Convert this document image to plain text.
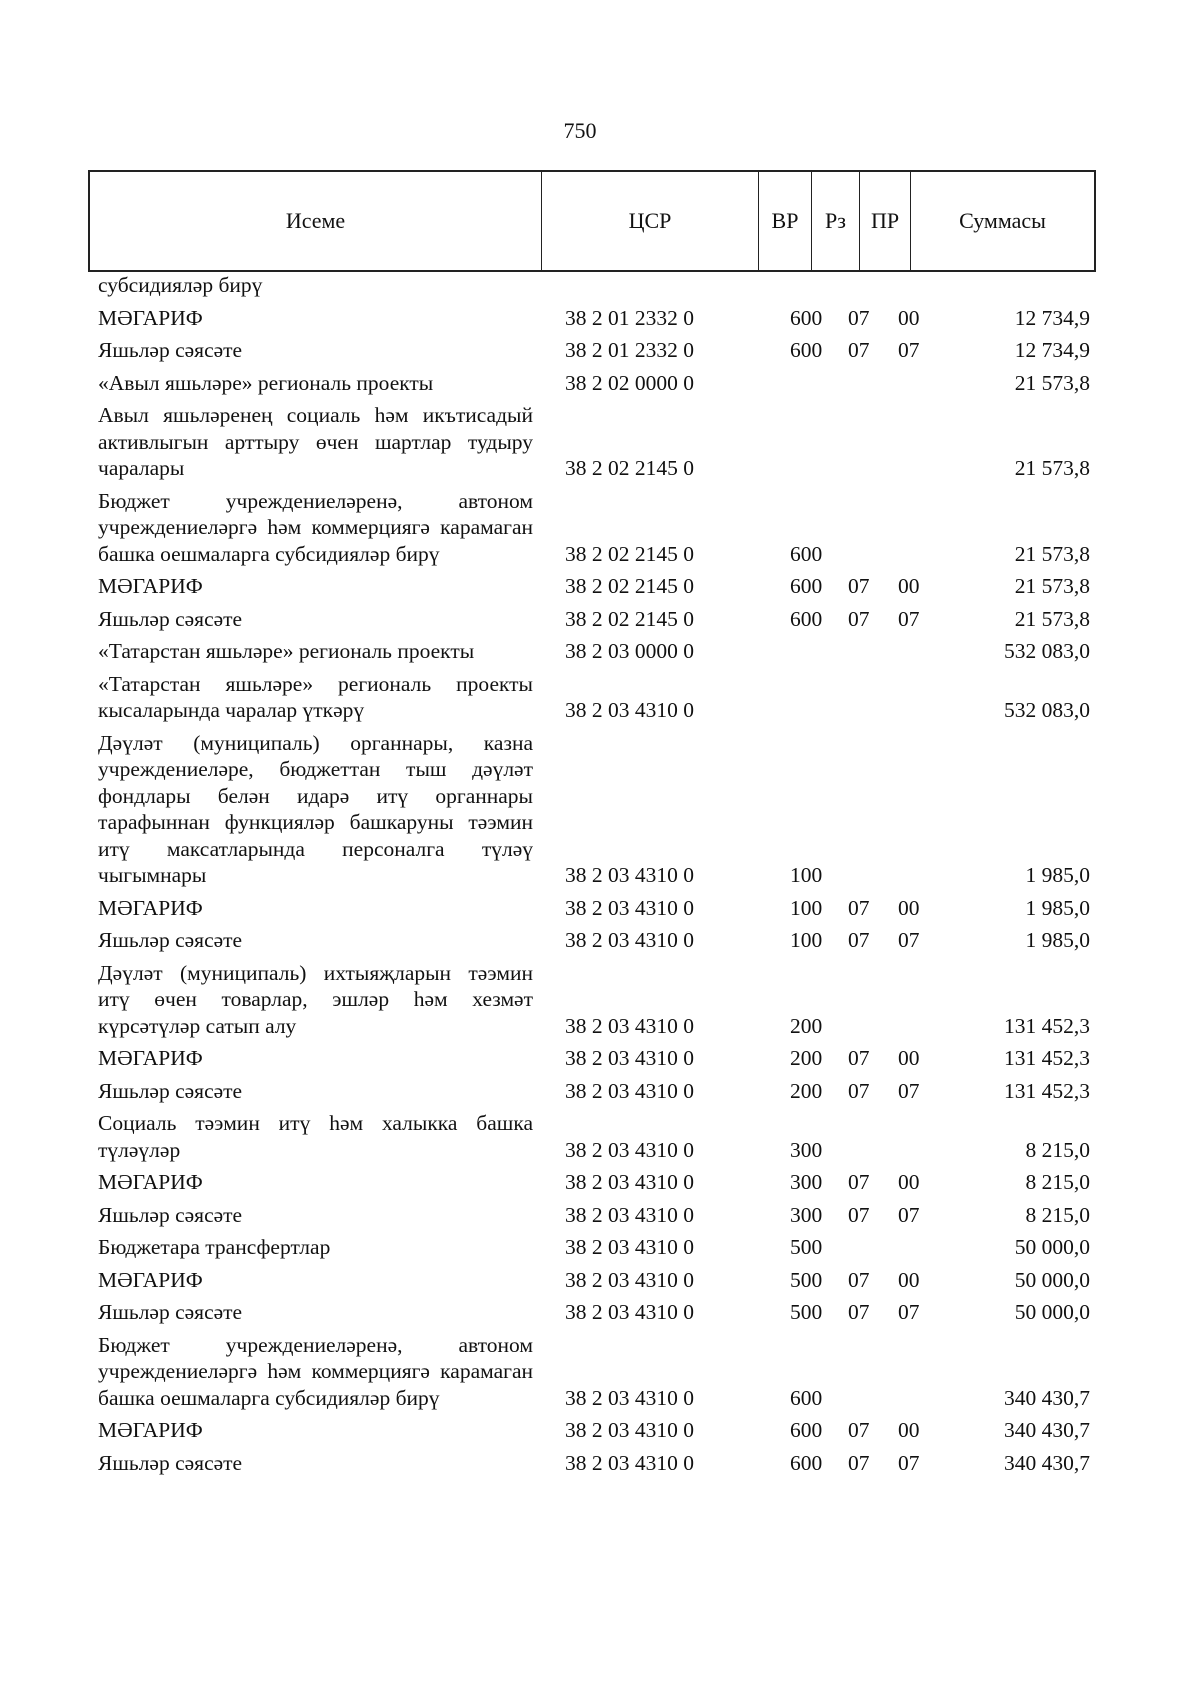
750
Исеме	ЦСР	ВР	Рз	ПР	Суммасы
субсидияләр бирү
МӘГАРИФ	38 2 01 2332 0	600	07	00	12 734,9
Яшьләр сәясәте	38 2 01 2332 0	600	07	07	12 734,9
«Авыл яшьләре» региональ проекты	38 2 02 0000 0	21 573,8
Авыл яшьләренең социаль һәм икътисадый активлыгын арттыру өчен шартлар тудыру чаралары	38 2 02 2145 0	21 573,8
Бюджет учреждениеләренә, автоном учреждениеләргә һәм коммерциягә карамаган башка оешмаларга субсидияләр бирү	38 2 02 2145 0	600	21 573,8
МӘГАРИФ	38 2 02 2145 0	600	07	00	21 573,8
Яшьләр сәясәте	38 2 02 2145 0	600	07	07	21 573,8
«Татарстан яшьләре» региональ проекты	38 2 03 0000 0	532 083,0
«Татарстан яшьләре» региональ проекты кысаларында чаралар үткәрү	38 2 03 4310 0	532 083,0
Дәүләт (муниципаль) органнары, казна учреждениеләре, бюджеттан тыш дәүләт фондлары белән идарә итү органнары тарафыннан функцияләр башкаруны тәэмин итү максатларында персоналга түләү чыгымнары	38 2 03 4310 0	100	1 985,0
МӘГАРИФ	38 2 03 4310 0	100	07	00	1 985,0
Яшьләр сәясәте	38 2 03 4310 0	100	07	07	1 985,0
Дәүләт (муниципаль) ихтыяҗларын тәэмин итү өчен товарлар, эшләр һәм хезмәт күрсәтүләр сатып алу	38 2 03 4310 0	200	131 452,3
МӘГАРИФ	38 2 03 4310 0	200	07	00	131 452,3
Яшьләр сәясәте	38 2 03 4310 0	200	07	07	131 452,3
Социаль тәэмин итү һәм халыкка башка түләүләр	38 2 03 4310 0	300	8 215,0
МӘГАРИФ	38 2 03 4310 0	300	07	00	8 215,0
Яшьләр сәясәте	38 2 03 4310 0	300	07	07	8 215,0
Бюджетара трансфертлар	38 2 03 4310 0	500	50 000,0
МӘГАРИФ	38 2 03 4310 0	500	07	00	50 000,0
Яшьләр сәясәте	38 2 03 4310 0	500	07	07	50 000,0
Бюджет учреждениеләренә, автоном учреждениеләргә һәм коммерциягә карамаган башка оешмаларга субсидияләр бирү	38 2 03 4310 0	600	340 430,7
МӘГАРИФ	38 2 03 4310 0	600	07	00	340 430,7
Яшьләр сәясәте	38 2 03 4310 0	600	07	07	340 430,7
